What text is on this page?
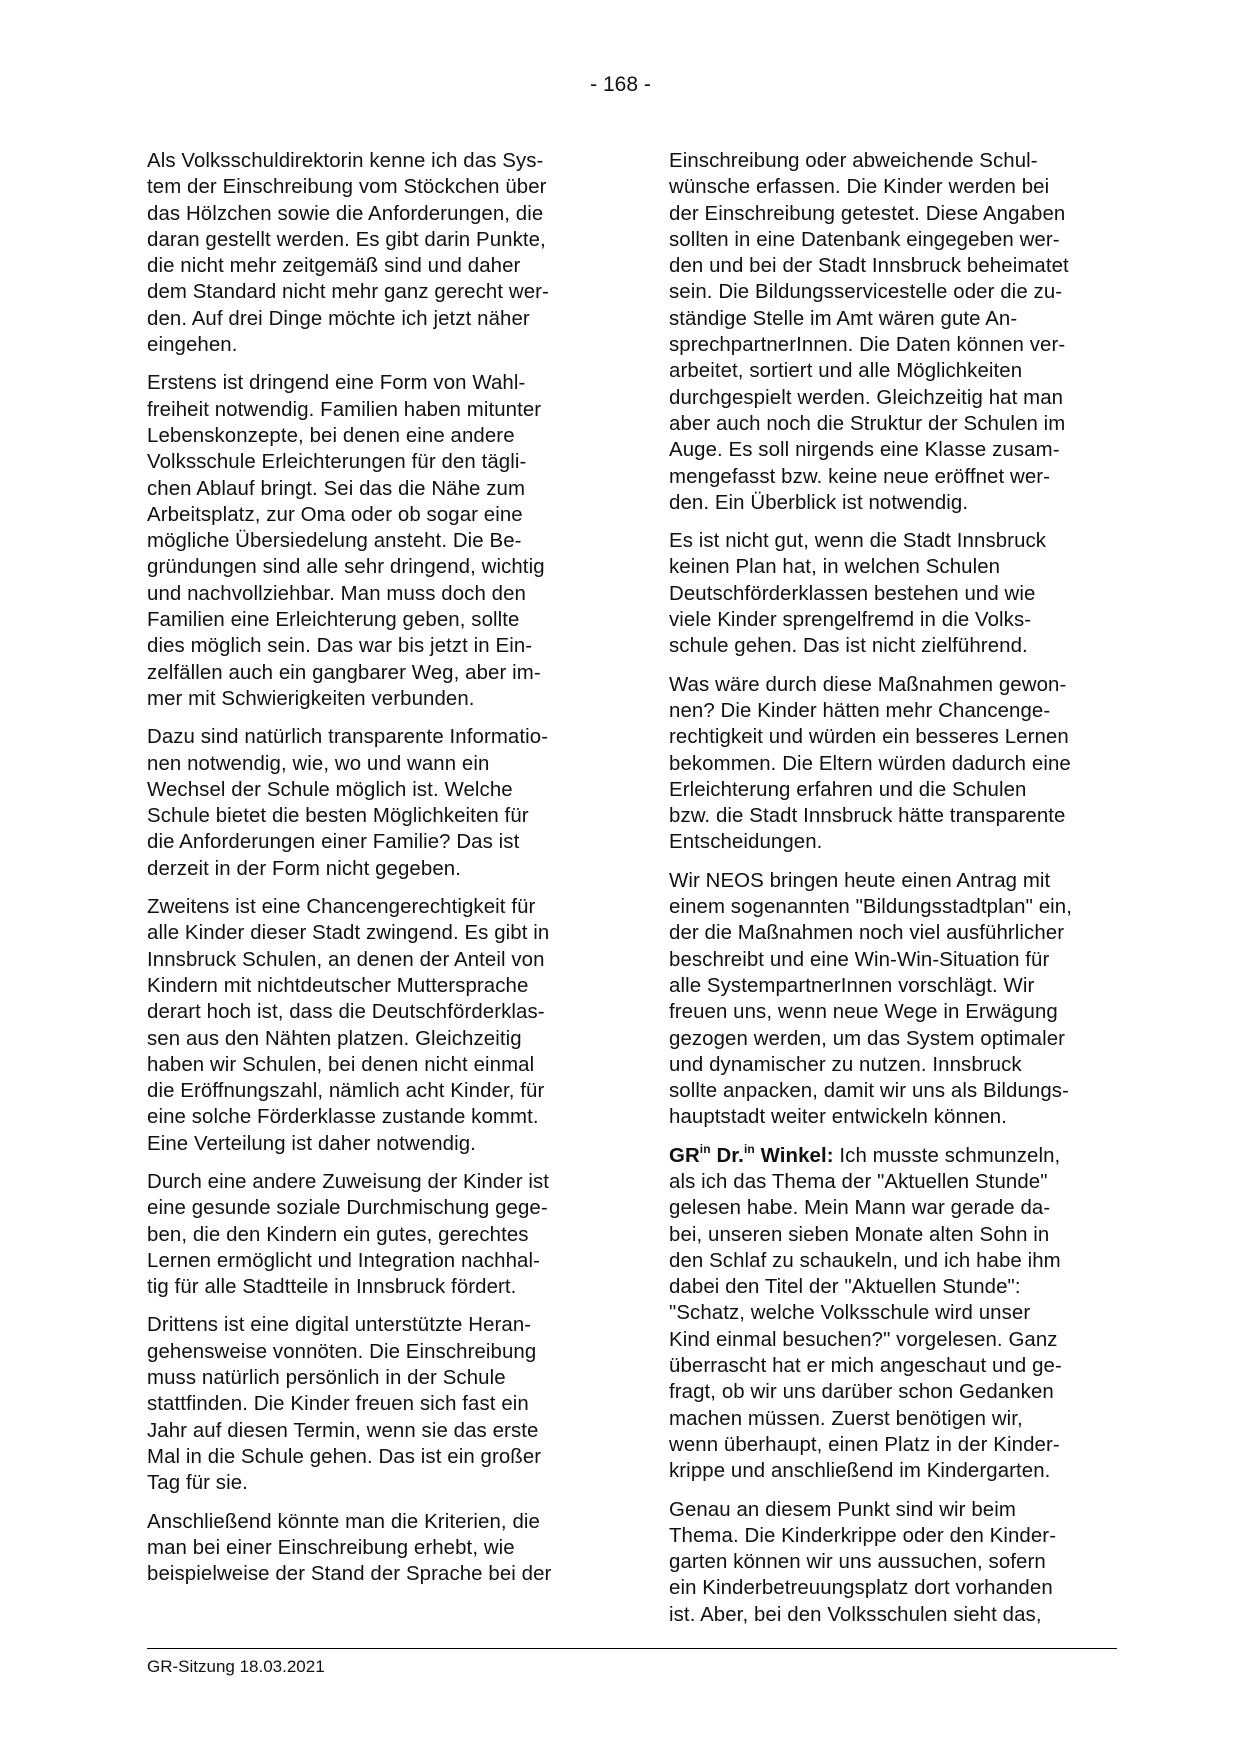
- 168 -

Als Volksschuldirektorin kenne ich das Sys-
tem der Einschreibung vom Stöckchen über
das Hölzchen sowie die Anforderungen, die
daran gestellt werden. Es gibt darin Punkte,
die nicht mehr zeitgemäß sind und daher
dem Standard nicht mehr ganz gerecht wer-
den. Auf drei Dinge möchte ich jetzt näher
eingehen.

Erstens ist dringend eine Form von Wahl-
freiheit notwendig. Familien haben mitunter
Lebenskonzepte, bei denen eine andere
Volksschule Erleichterungen für den tägli-
chen Ablauf bringt. Sei das die Nähe zum
Arbeitsplatz, zur Oma oder ob sogar eine
mögliche Übersiedelung ansteht. Die Be-
gründungen sind alle sehr dringend, wichtig
und nachvollziehbar. Man muss doch den
Familien eine Erleichterung geben, sollte
dies möglich sein. Das war bis jetzt in Ein-
zelfällen auch ein gangbarer Weg, aber im-
mer mit Schwierigkeiten verbunden.

Dazu sind natürlich transparente Informatio-
nen notwendig, wie, wo und wann ein
Wechsel der Schule möglich ist. Welche
Schule bietet die besten Möglichkeiten für
die Anforderungen einer Familie? Das ist
derzeit in der Form nicht gegeben.

Zweitens ist eine Chancengerechtigkeit für
alle Kinder dieser Stadt zwingend. Es gibt in
Innsbruck Schulen, an denen der Anteil von
Kindern mit nichtdeutscher Muttersprache
derart hoch ist, dass die Deutschförderklas-
sen aus den Nähten platzen. Gleichzeitig
haben wir Schulen, bei denen nicht einmal
die Eröffnungszahl, nämlich acht Kinder, für
eine solche Förderklasse zustande kommt.
Eine Verteilung ist daher notwendig.

Durch eine andere Zuweisung der Kinder ist
eine gesunde soziale Durchmischung gege-
ben, die den Kindern ein gutes, gerechtes
Lernen ermöglicht und Integration nachhal-
tig für alle Stadtteile in Innsbruck fördert.

Drittens ist eine digital unterstützte Heran-
gehensweise vonnöten. Die Einschreibung
muss natürlich persönlich in der Schule
stattfinden. Die Kinder freuen sich fast ein
Jahr auf diesen Termin, wenn sie das erste
Mal in die Schule gehen. Das ist ein großer
Tag für sie.

Anschließend könnte man die Kriterien, die
man bei einer Einschreibung erhebt, wie
beispielweise der Stand der Sprache bei der

Einschreibung oder abweichende Schul-
wünsche erfassen. Die Kinder werden bei
der Einschreibung getestet. Diese Angaben
sollten in eine Datenbank eingegeben wer-
den und bei der Stadt Innsbruck beheimatet
sein. Die Bildungsservicestelle oder die zu-
ständige Stelle im Amt wären gute An-
sprechpartnerInnen. Die Daten können ver-
arbeitet, sortiert und alle Möglichkeiten
durchgespielt werden. Gleichzeitig hat man
aber auch noch die Struktur der Schulen im
Auge. Es soll nirgends eine Klasse zusam-
mengefasst bzw. keine neue eröffnet wer-
den. Ein Überblick ist notwendig.

Es ist nicht gut, wenn die Stadt Innsbruck
keinen Plan hat, in welchen Schulen
Deutschförderklassen bestehen und wie
viele Kinder sprengelfremd in die Volks-
schule gehen. Das ist nicht zielführend.

Was wäre durch diese Maßnahmen gewon-
nen? Die Kinder hätten mehr Chancenge-
rechtigkeit und würden ein besseres Lernen
bekommen. Die Eltern würden dadurch eine
Erleichterung erfahren und die Schulen
bzw. die Stadt Innsbruck hätte transparente
Entscheidungen.

Wir NEOS bringen heute einen Antrag mit
einem sogenannten "Bildungsstadtplan" ein,
der die Maßnahmen noch viel ausführlicher
beschreibt und eine Win-Win-Situation für
alle SystempartnerInnen vorschlägt. Wir
freuen uns, wenn neue Wege in Erwägung
gezogen werden, um das System optimaler
und dynamischer zu nutzen. Innsbruck
sollte anpacken, damit wir uns als Bildungs-
hauptstadt weiter entwickeln können.

$GR^{in}$ Dr.$^{in}$ Winkel: Ich musste schmunzeln,
als ich das Thema der "Aktuellen Stunde"
gelesen habe. Mein Mann war gerade da-
bei, unseren sieben Monate alten Sohn in
den Schlaf zu schaukeln, und ich habe ihm
dabei den Titel der "Aktuellen Stunde":
"Schatz, welche Volksschule wird unser
Kind einmal besuchen?" vorgelesen. Ganz
überrascht hat er mich angeschaut und ge-
fragt, ob wir uns darüber schon Gedanken
machen müssen. Zuerst benötigen wir,
wenn überhaupt, einen Platz in der Kinder-
krippe und anschließend im Kindergarten.

Genau an diesem Punkt sind wir beim
Thema. Die Kinderkrippe oder den Kinder-
garten können wir uns aussuchen, sofern
ein Kinderbetreuungsplatz dort vorhanden
ist. Aber, bei den Volksschulen sieht das,

GR-Sitzung 18.03.2021
